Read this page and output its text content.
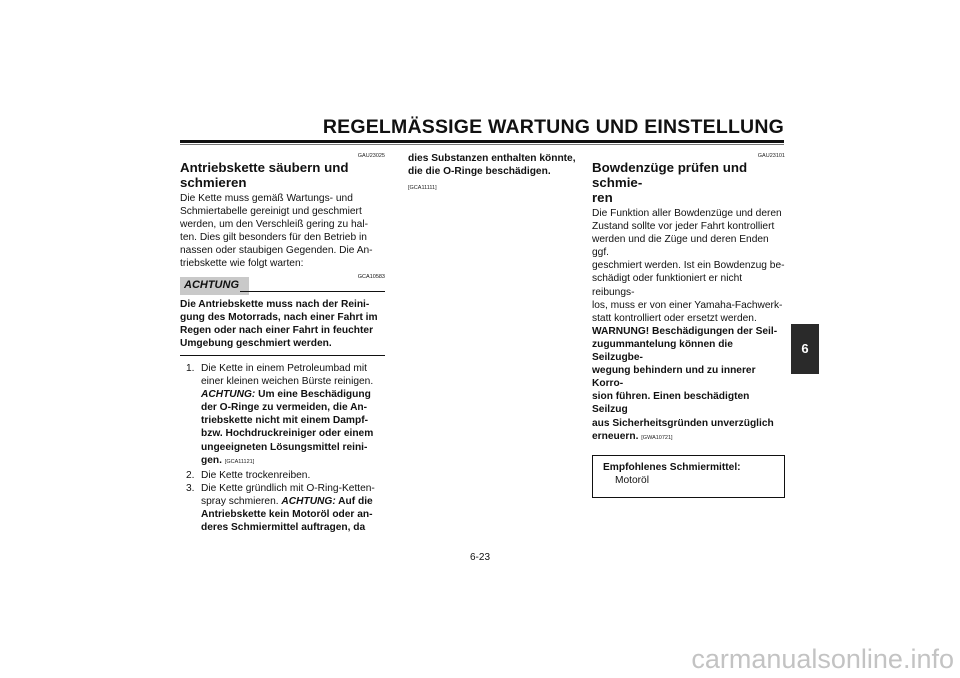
REGELMÄSSIGE WARTUNG UND EINSTELLUNG
GAU23025
Antriebskette säubern und
schmieren

Die Kette muss gemäß Wartungs- und
Schmiertabelle gereinigt und geschmiert
werden, um den Verschleiß gering zu hal-
ten. Dies gilt besonders für den Betrieb in
nassen oder staubigen Gegenden. Die An-
triebskette wie folgt warten:

GCA10583
ACHTUNG

Die Antriebskette muss nach der Reini-
gung des Motorrads, nach einer Fahrt im
Regen oder nach einer Fahrt in feuchter
Umgebung geschmiert werden.

1. Die Kette in einem Petroleumbad mit
einer kleinen weichen Bürste reinigen.
ACHTUNG: Um eine Beschädigung
der O-Ringe zu vermeiden, die An-
triebskette nicht mit einem Dampf-
bzw. Hochdruckreiniger oder einem
ungeeigneten Lösungsmittel reini-
gen. [GCA11121]
2. Die Kette trockenreiben.
3. Die Kette gründlich mit O-Ring-Ketten-
spray schmieren. ACHTUNG: Auf die
Antriebskette kein Motoröl oder an-
deres Schmiermittel auftragen, da

dies Substanzen enthalten könnte,
die die O-Ringe beschädigen.

[GCA11111]
GAU23101
Bowdenzüge prüfen und schmie-
ren

Die Funktion aller Bowdenzüge und deren
Zustand sollte vor jeder Fahrt kontrolliert
werden und die Züge und deren Enden ggf.
geschmiert werden. Ist ein Bowdenzug be-
schädigt oder funktioniert er nicht reibungs-
los, muss er von einer Yamaha-Fachwerk-
statt kontrolliert oder ersetzt werden.

WARNUNG! Beschädigungen der Seil-
zugummantelung können die Seilzugbe-
wegung behindern und zu innerer Korro-
sion führen. Einen beschädigten Seilzug
aus Sicherheitsgründen unverzüglich
erneuern. [GWA10721]

Empfohlenes Schmiermittel:
Motoröl
6
6-23
carmanualsonline.info
